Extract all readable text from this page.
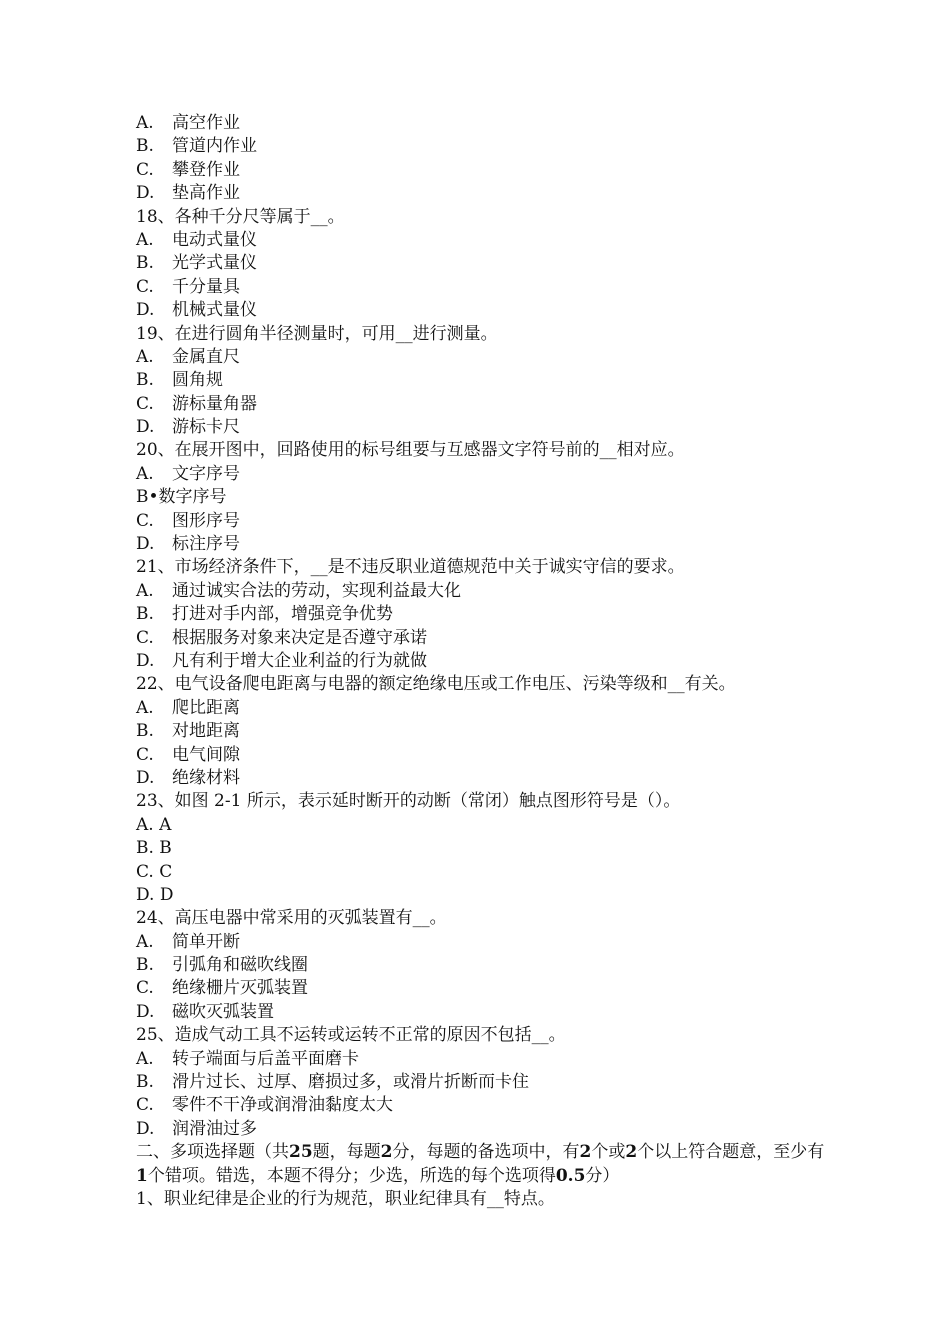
A. 高空作业
B. 管道内作业
C. 攀登作业
D. 垫高作业
18、各种千分尺等属于__。
A. 电动式量仪
B. 光学式量仪
C. 千分量具
D. 机械式量仪
19、在进行圆角半径测量时，可用__进行测量。
A. 金属直尺
B. 圆角规
C. 游标量角器
D. 游标卡尺
20、在展开图中，回路使用的标号组要与互感器文字符号前的__相对应。
A. 文字序号
B•数字序号
C. 图形序号
D. 标注序号
21、市场经济条件下，__是不违反职业道德规范中关于诚实守信的要求。
A. 通过诚实合法的劳动，实现利益最大化
B. 打进对手内部，增强竞争优势
C. 根据服务对象来决定是否遵守承诺
D. 凡有利于增大企业利益的行为就做
22、电气设备爬电距离与电器的额定绝缘电压或工作电压、污染等级和__有关。
A. 爬比距离
B. 对地距离
C. 电气间隙
D. 绝缘材料
23、如图 2-1 所示，表示延时断开的动断（常闭）触点图形符号是（）。
A. A
B. B
C. C
D. D
24、高压电器中常采用的灭弧装置有__。
A. 简单开断
B. 引弧角和磁吹线圈
C. 绝缘栅片灭弧装置
D. 磁吹灭弧装置
25、造成气动工具不运转或运转不正常的原因不包括__。
A. 转子端面与后盖平面磨卡
B. 滑片过长、过厚、磨损过多，或滑片折断而卡住
C. 零件不干净或润滑油黏度太大
D. 润滑油过多
二、多项选择题（共25题，每题2分，每题的备选项中，有2个或2个以上符合题意，至少有1个错项。错选，本题不得分；少选，所选的每个选项得0.5分）
1、职业纪律是企业的行为规范，职业纪律具有__特点。
